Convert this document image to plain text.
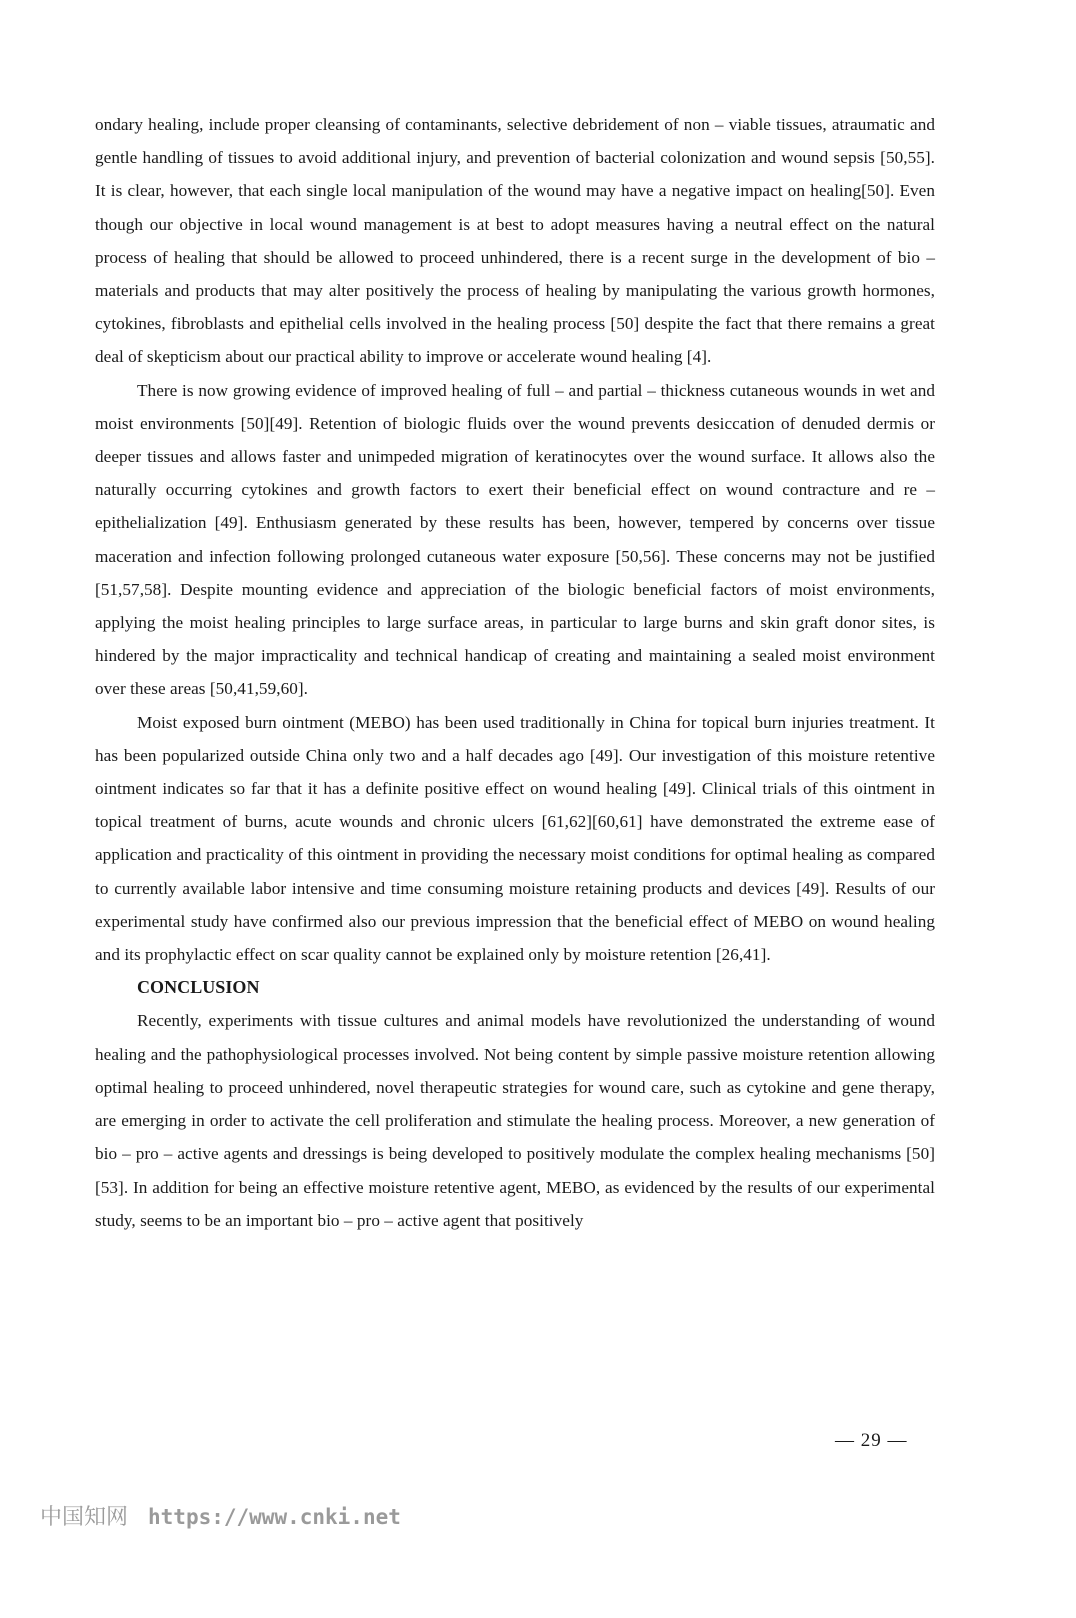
ondary healing, include proper cleansing of contaminants, selective debridement of non – viable tissues, atraumatic and gentle handling of tissues to avoid additional injury, and prevention of bacterial colonization and wound sepsis [50,55]. It is clear, however, that each single local manipulation of the wound may have a negative impact on healing[50]. Even though our objective in local wound management is at best to adopt measures having a neutral effect on the natural process of healing that should be allowed to proceed unhindered, there is a recent surge in the development of bio – materials and products that may alter positively the process of healing by manipulating the various growth hormones, cytokines, fibroblasts and epithelial cells involved in the healing process [50] despite the fact that there remains a great deal of skepticism about our practical ability to improve or accelerate wound healing [4].

There is now growing evidence of improved healing of full – and partial – thickness cutaneous wounds in wet and moist environments [50][49]. Retention of biologic fluids over the wound prevents desiccation of denuded dermis or deeper tissues and allows faster and unimpeded migration of keratinocytes over the wound surface. It allows also the naturally occurring cytokines and growth factors to exert their beneficial effect on wound contracture and re – epithelialization [49]. Enthusiasm generated by these results has been, however, tempered by concerns over tissue maceration and infection following prolonged cutaneous water exposure [50,56]. These concerns may not be justified [51,57,58]. Despite mounting evidence and appreciation of the biologic beneficial factors of moist environments, applying the moist healing principles to large surface areas, in particular to large burns and skin graft donor sites, is hindered by the major impracticality and technical handicap of creating and maintaining a sealed moist environment over these areas [50,41,59,60].

Moist exposed burn ointment (MEBO) has been used traditionally in China for topical burn injuries treatment. It has been popularized outside China only two and a half decades ago [49]. Our investigation of this moisture retentive ointment indicates so far that it has a definite positive effect on wound healing [49]. Clinical trials of this ointment in topical treatment of burns, acute wounds and chronic ulcers [61,62][60,61] have demonstrated the extreme ease of application and practicality of this ointment in providing the necessary moist conditions for optimal healing as compared to currently available labor intensive and time consuming moisture retaining products and devices [49]. Results of our experimental study have confirmed also our previous impression that the beneficial effect of MEBO on wound healing and its prophylactic effect on scar quality cannot be explained only by moisture retention [26,41].

CONCLUSION

Recently, experiments with tissue cultures and animal models have revolutionized the understanding of wound healing and the pathophysiological processes involved. Not being content by simple passive moisture retention allowing optimal healing to proceed unhindered, novel therapeutic strategies for wound care, such as cytokine and gene therapy, are emerging in order to activate the cell proliferation and stimulate the healing process. Moreover, a new generation of bio – pro – active agents and dressings is being developed to positively modulate the complex healing mechanisms [50][53]. In addition for being an effective moisture retentive agent, MEBO, as evidenced by the results of our experimental study, seems to be an important bio – pro – active agent that positively

— 29 —
中国知网 https://www.cnki.net
